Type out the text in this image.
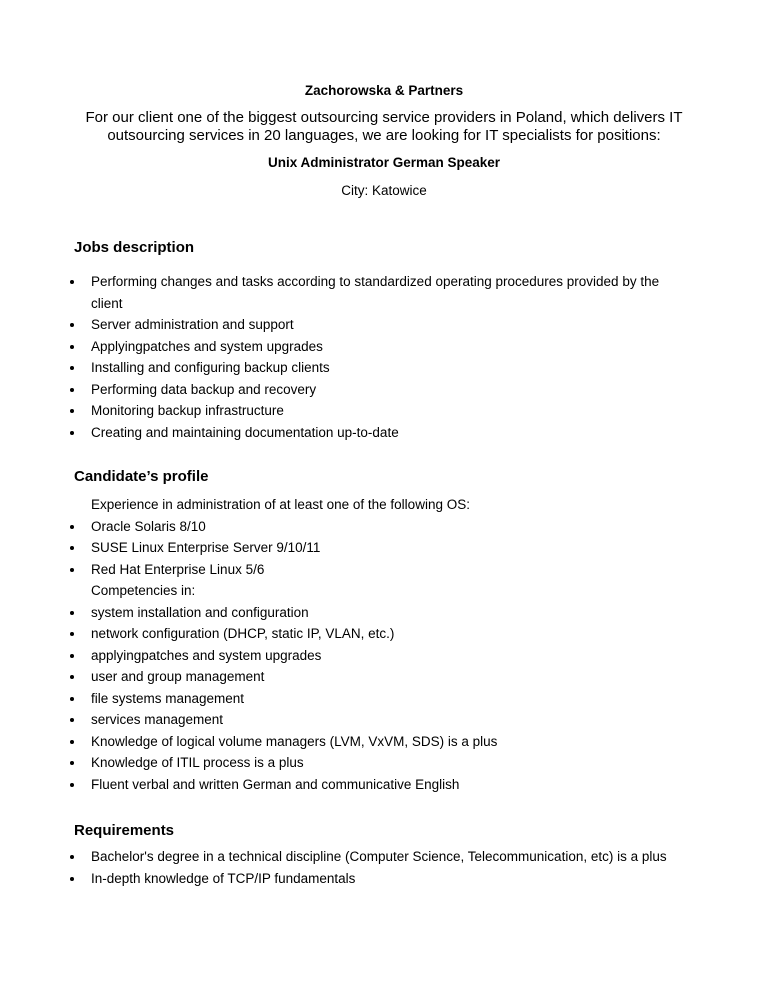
Zachorowska & Partners
For our client one of the biggest outsourcing service providers in Poland, which delivers IT outsourcing services in 20 languages, we are looking for IT specialists for positions:
Unix Administrator German Speaker
City: Katowice
Jobs description
Performing changes and tasks according to standardized operating procedures provided by the client
Server administration and support
Applyingpatches and system upgrades
Installing and configuring backup clients
Performing data backup and recovery
Monitoring backup infrastructure
Creating and maintaining documentation up-to-date
Candidate’s profile
Experience in administration of at least one of the following OS:
Oracle Solaris 8/10
SUSE Linux Enterprise Server 9/10/11
Red Hat Enterprise Linux 5/6
Competencies in:
system installation and configuration
network configuration (DHCP, static IP, VLAN, etc.)
applyingpatches and system upgrades
user and group management
file systems management
services management
Knowledge of logical volume managers (LVM, VxVM, SDS) is a plus
Knowledge of ITIL process is a plus
Fluent verbal and written German and communicative English
Requirements
Bachelor's degree in a technical discipline (Computer Science, Telecommunication, etc) is a plus
In-depth knowledge of TCP/IP fundamentals
